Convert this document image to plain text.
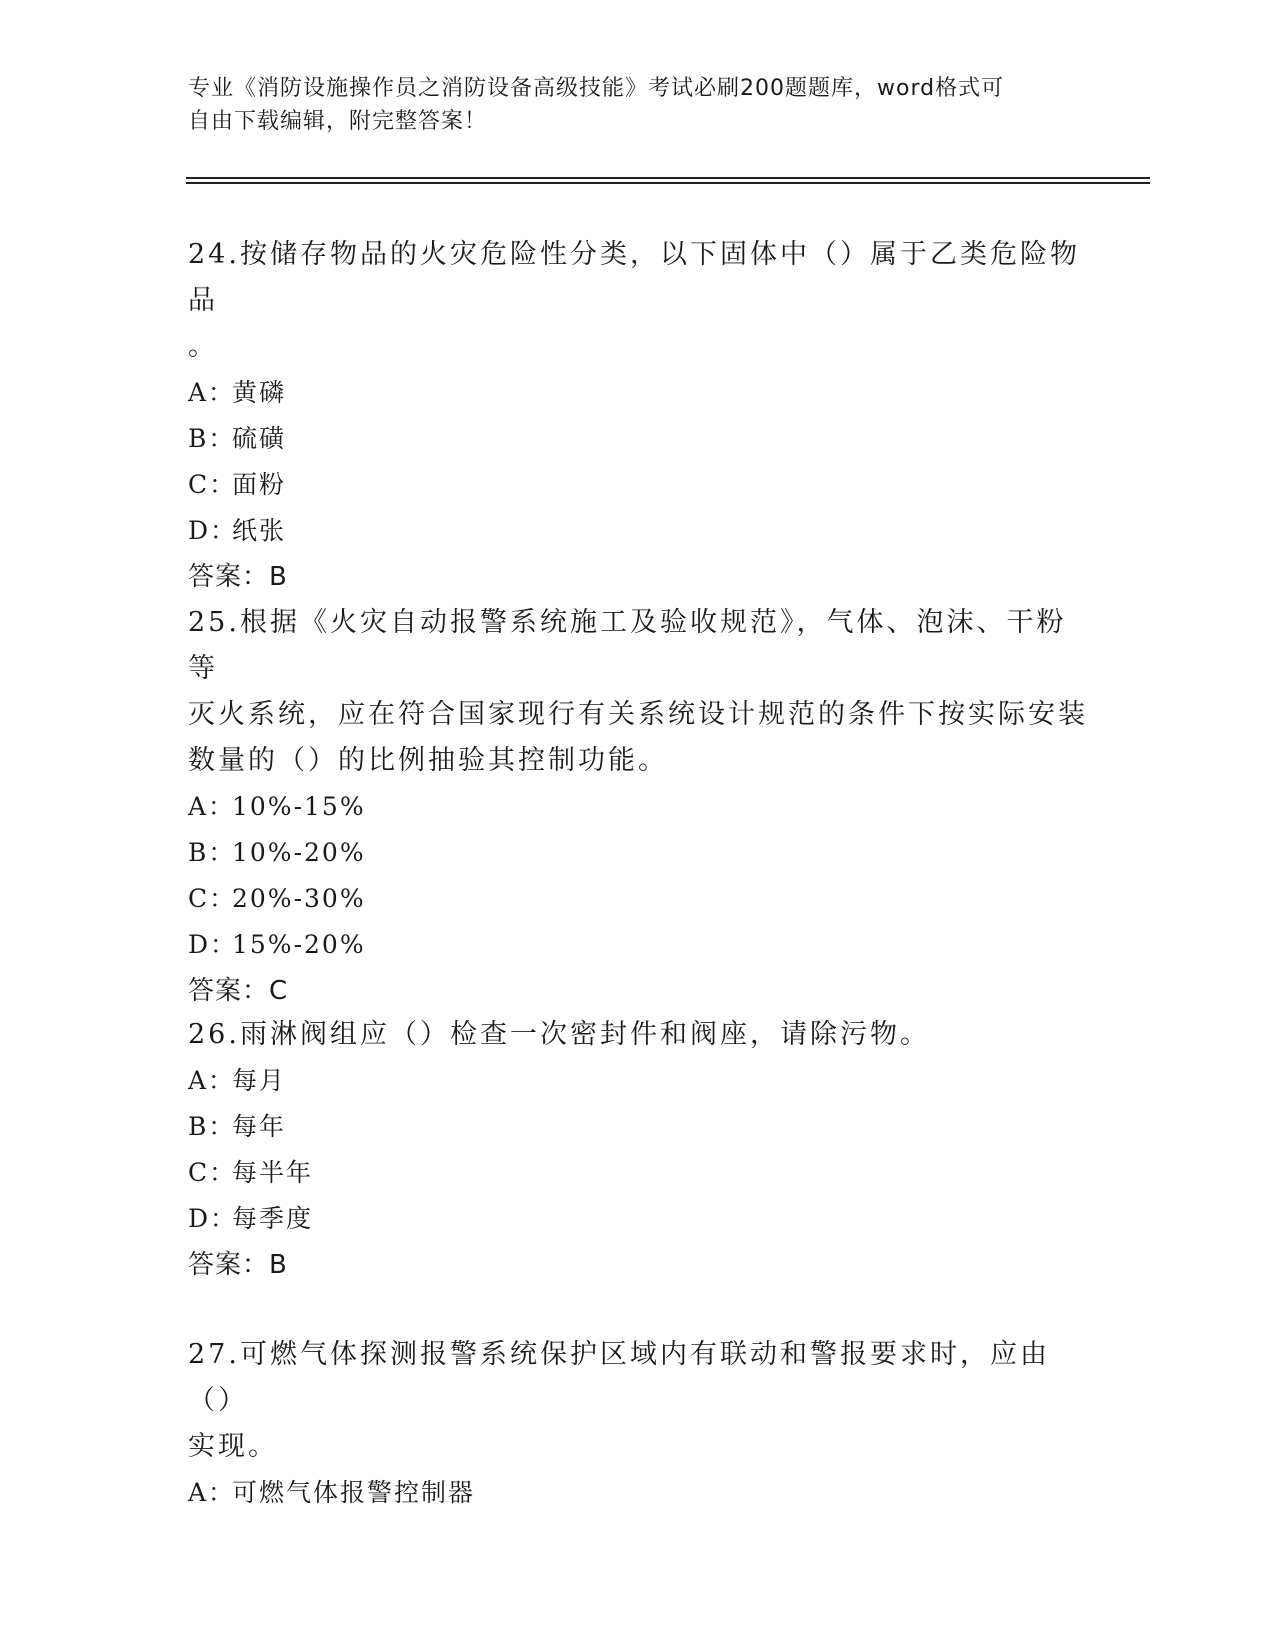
专业《消防设施操作员之消防设备高级技能》考试必刷200题题库，word格式可
自由下载编辑，附完整答案！

24.按储存物品的火灾危险性分类，以下固体中（）属于乙类危险物品

。

A：黄磷

B：硫磺

C：面粉

D：纸张

答案：B

25.根据《火灾自动报警系统施工及验收规范》，气体、泡沫、干粉等

灭火系统，应在符合国家现行有关系统设计规范的条件下按实际安装

数量的（）的比例抽验其控制功能。

A：10%-15%

B：10%-20%

C：20%-30%

D：15%-20%

答案：C

26.雨淋阀组应（）检查一次密封件和阀座，请除污物。

A：每月

B：每年

C：每半年

D：每季度

答案：B

27.可燃气体探测报警系统保护区域内有联动和警报要求时，应由（）

实现。

A：可燃气体报警控制器
